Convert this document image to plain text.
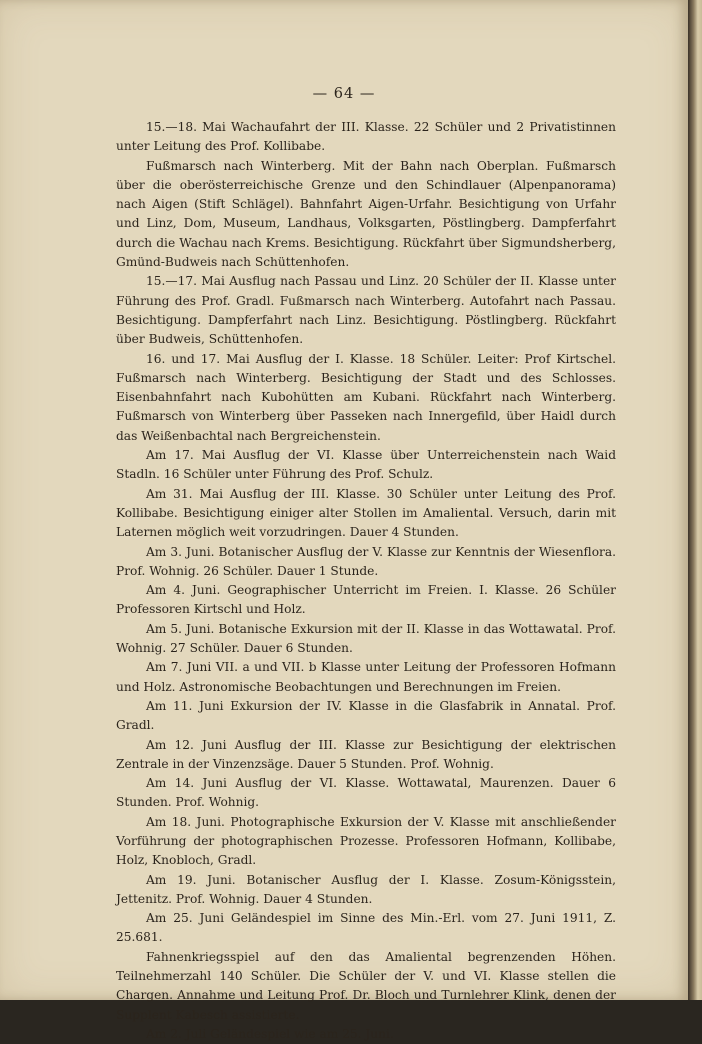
— 64 —

15.—18. Mai Wachaufahrt der III. Klasse. 22 Schüler und 2 Privatistinnen unter Leitung des Prof. Kollibabe.

Fußmarsch nach Winterberg. Mit der Bahn nach Oberplan. Fußmarsch über die oberösterreichische Grenze und den Schindlauer (Alpenpanorama) nach Aigen (Stift Schlägel). Bahnfahrt Aigen-Urfahr. Besichtigung von Urfahr und Linz, Dom, Museum, Landhaus, Volksgarten, Pöstlingberg. Dampferfahrt durch die Wachau nach Krems. Besichtigung. Rückfahrt über Sigmundsherberg, Gmünd-Budweis nach Schüttenhofen.

15.—17. Mai Ausflug nach Passau und Linz. 20 Schüler der II. Klasse unter Führung des Prof. Gradl. Fußmarsch nach Winterberg. Autofahrt nach Passau. Besichtigung. Dampferfahrt nach Linz. Besichtigung. Pöstlingberg. Rückfahrt über Budweis, Schüttenhofen.

16. und 17. Mai Ausflug der I. Klasse. 18 Schüler. Leiter: Prof Kirtschel. Fußmarsch nach Winterberg. Besichtigung der Stadt und des Schlosses. Eisenbahnfahrt nach Kubohütten am Kubani. Rückfahrt nach Winterberg. Fußmarsch von Winterberg über Passeken nach Innergefild, über Haidl durch das Weißenbachtal nach Bergreichenstein.

Am 17. Mai Ausflug der VI. Klasse über Unterreichenstein nach Waid Stadln. 16 Schüler unter Führung des Prof. Schulz.

Am 31. Mai Ausflug der III. Klasse. 30 Schüler unter Leitung des Prof. Kollibabe. Besichtigung einiger alter Stollen im Amaliental. Versuch, darin mit Laternen möglich weit vorzudringen. Dauer 4 Stunden.

Am 3. Juni. Botanischer Ausflug der V. Klasse zur Kenntnis der Wiesenflora. Prof. Wohnig. 26 Schüler. Dauer 1 Stunde.

Am 4. Juni. Geographischer Unterricht im Freien. I. Klasse. 26 Schüler Professoren Kirtschl und Holz.

Am 5. Juni. Botanische Exkursion mit der II. Klasse in das Wottawatal. Prof. Wohnig. 27 Schüler. Dauer 6 Stunden.

Am 7. Juni VII. a und VII. b Klasse unter Leitung der Professoren Hofmann und Holz. Astronomische Beobachtungen und Berechnungen im Freien.

Am 11. Juni Exkursion der IV. Klasse in die Glasfabrik in Annatal. Prof. Gradl.

Am 12. Juni Ausflug der III. Klasse zur Besichtigung der elektrischen Zentrale in der Vinzenzsäge. Dauer 5 Stunden. Prof. Wohnig.

Am 14. Juni Ausflug der VI. Klasse. Wottawatal, Maurenzen. Dauer 6 Stunden. Prof. Wohnig.

Am 18. Juni. Photographische Exkursion der V. Klasse mit anschließender Vorführung der photographischen Prozesse. Professoren Hofmann, Kollibabe, Holz, Knobloch, Gradl.

Am 19. Juni. Botanischer Ausflug der I. Klasse. Zosum-Königsstein, Jettenitz. Prof. Wohnig. Dauer 4 Stunden.

Am 25. Juni Geländespiel im Sinne des Min.-Erl. vom 27. Juni 1911, Z. 25.681.

Fahnenkriegsspiel auf den das Amaliental begrenzenden Höhen. Teilnehmerzahl 140 Schüler. Die Schüler der V. und VI. Klasse stellen die Chargen. Annahme und Leitung Prof. Dr. Bloch und Turnlehrer Klink, denen der Supplent Kabesch assistierte.

Am 2. Juli Geländespiel wie am 25. Juni.
